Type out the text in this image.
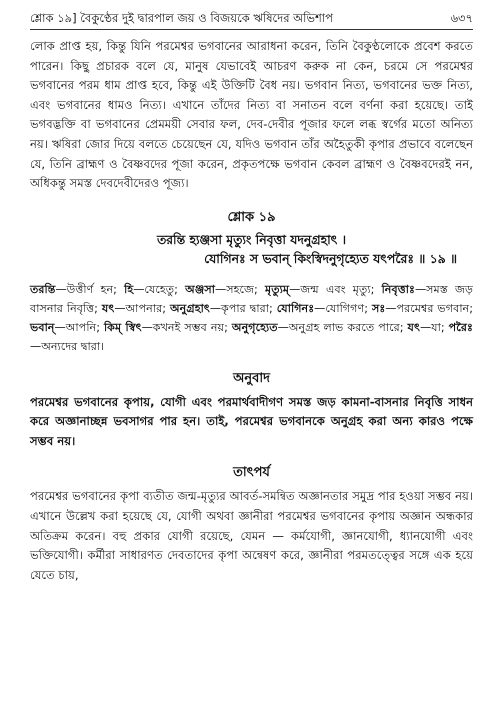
শ্লোক ১৯] বৈকুণ্ঠের দুই দ্বারপাল জয় ও বিজয়কে ঋষিদের অভিশাপ	৬৩৭

লোক প্রাপ্ত হয়, কিন্তু যিনি পরমেশ্বর ভগবানের আরাধনা করেন, তিনি বৈকুণ্ঠলোকে প্রবেশ করতে পারেন। কিছু প্রচারক বলে যে, মানুষ যেভাবেই আচরণ করুক না কেন, চরমে সে পরমেশ্বর ভগবানের পরম ধাম প্রাপ্ত হবে, কিন্তু এই উক্তিটি বৈধ নয়। ভগবান নিত্য, ভগবানের ভক্ত নিত্য, এবং ভগবানের ধামও নিত্য। এখানে তাঁদের নিত্য বা সনাতন বলে বর্ণনা করা হয়েছে। তাই ভগবদ্ভক্তি বা ভগবানের প্রেমময়ী সেবার ফল, দেব-দেবীর পূজার ফলে লব্ধ স্বর্গের মতো অনিত্য নয়। ঋষিরা জোর দিয়ে বলতে চেয়েছেন যে, যদিও ভগবান তাঁর অহৈতুকী কৃপার প্রভাবে বলেছেন যে, তিনি ব্রাহ্মণ ও বৈষ্ণবদের পূজা করেন, প্রকৃতপক্ষে ভগবান কেবল ব্রাহ্মণ ও বৈষ্ণবদেরই নন, অধিকন্তু সমস্ত দেবদেবীদেরও পূজ্য।

শ্লোক ১৯

তরন্তি হ্যঞ্জসা মৃত্যুং নিবৃত্তা যদনুগ্রহাৎ ।

যোগিনঃ স ভবান্ কিংস্বিদনুগৃহ্যেত যৎপরৈঃ ॥ ১৯ ॥

তরন্তি—উত্তীর্ণ হন; হি—যেহেতু; অঞ্জসা—সহজে; মৃত্যুম্—জন্ম এবং মৃত্যু; নিবৃত্তাঃ—সমস্ত জড় বাসনার নিবৃত্তি; যৎ—আপনার; অনুগ্রহাৎ—কৃপার দ্বারা; যোগিনঃ—যোগিগণ; সঃ—পরমেশ্বর ভগবান; ভবান্—আপনি; কিম্ স্বিৎ—কখনই সম্ভব নয়; অনুগৃহ্যেত—অনুগ্রহ লাভ করতে পারে; যৎ—যা; পরৈঃ—অন্যদের দ্বারা।

অনুবাদ

পরমেশ্বর ভগবানের কৃপায়, যোগী এবং পরমার্থবাদীগণ সমস্ত জড় কামনা-বাসনার নিবৃত্তি সাধন করে অজ্ঞানাচ্ছন্ন ভবসাগর পার হন। তাই, পরমেশ্বর ভগবানকে অনুগ্রহ করা অন্য কারও পক্ষে সম্ভব নয়।

তাৎপর্য

পরমেশ্বর ভগবানের কৃপা ব্যতীত জন্ম-মৃত্যুর আবর্ত-সমন্বিত অজ্ঞানতার সমুদ্র পার হওয়া সম্ভব নয়। এখানে উল্লেখ করা হয়েছে যে, যোগী অথবা জ্ঞানীরা পরমেশ্বর ভগবানের কৃপায় অজ্ঞান অন্ধকার অতিক্রম করেন। বহু প্রকার যোগী রয়েছে, যেমন — কর্মযোগী, জ্ঞানযোগী, ধ্যানযোগী এবং ভক্তিযোগী। কর্মীরা সাধারণত দেবতাদের কৃপা অন্বেষণ করে, জ্ঞানীরা পরমতত্ত্বের সঙ্গে এক হয়ে যেতে চায়,
